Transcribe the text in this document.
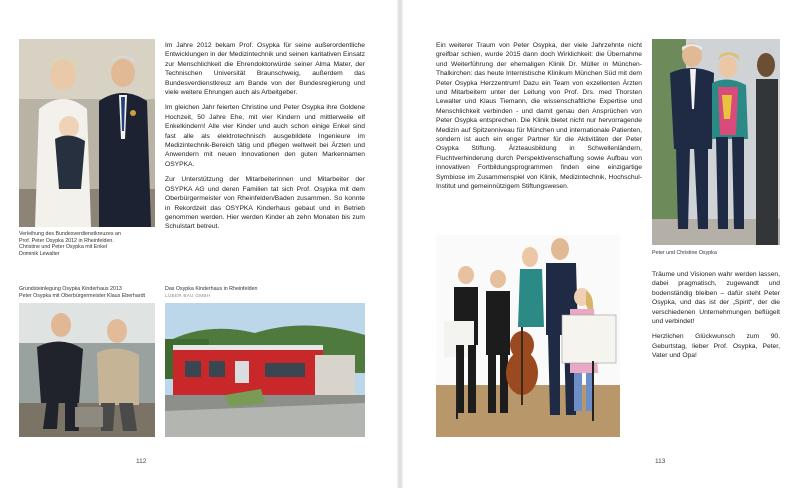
Verleihung des Bundesverdienstkreuzes an
Prof. Peter Osypka 2012 in Rheinfelden.
Christine und Peter Osypka mit Enkel
Dominik Lewalter

Im Jahre 2012 bekam Prof. Osypka für seine außerordentliche Entwicklungen in der Medizintechnik und seinen karitativen Einsatz zur Menschlichkeit die Ehrendoktorwürde seiner Alma Mater, der Technischen Universität Braunschweig, außerdem das Bundesverdienstkreuz am Bande von der Bundesregierung und viele weitere Ehrungen auch als Arbeitgeber.

Im gleichen Jahr feierten Christine und Peter Osypka ihre Goldene Hochzeit, 50 Jahre Ehe, mit vier Kindern und mittlerweile elf Enkelkindern! Alle vier Kinder und auch schon einige Enkel sind fast alle als elektrotechnisch ausgebildete Ingenieure im Medizintechnik-Bereich tätig und pflegen weltweit bei Ärzten und Anwendern mit neuen Innovationen den guten Markennamen OSYPKA.

Zur Unterstützung der Mitarbeiterinnen und Mitarbeiter der OSYPKA AG und deren Familien tat sich Prof. Osypka mit dem Oberbürgermeister von Rheinfelden/Baden zusammen. So konnte in Rekordzeit das OSYPKA Kinderhaus gebaut und in Betrieb genommen werden. Hier werden Kinder ab zehn Monaten bis zum Schulstart betreut.

Grundsteinlegung Osypka Kinderhaus 2013
Peter Osypka mit Oberbürgermeister Klaus Eberhardt
Das Osypka Kinderhaus in Rheinfelden
LÜBER BAU GMBH
112

Ein weiterer Traum von Peter Osypka, der viele Jahrzehnte nicht greifbar schien, wurde 2015 dann doch Wirklichkeit: die Übernahme und Weiterführung der ehemaligen Klinik Dr. Müller in München-Thalkirchen: das heute Internistische Klinikum München Süd mit dem Peter Osypka Herzzentrum! Dazu ein Team von exzellenten Ärzten und Mitarbeitern unter der Leitung von Prof. Drs. med Thorsten Lewalter und Klaus Tiemann, die wissenschaftliche Expertise und Menschlichkeit verbinden - und damit genau den Ansprüchen von Peter Osypka entsprechen. Die Klinik bietet nicht nur hervorragende Medizin auf Spitzenniveau für München und internationale Patienten, sondern ist auch ein enger Partner für die Aktivitäten der Peter Osypka Stiftung. Ärzteausbildung in Schwellenländern, Fluchtverhinderung durch Perspektivenschaffung sowie Aufbau von innovativen Fortbildungsprogrammen finden eine einzigartige Symbiose im Zusammenspiel von Klinik, Medizintechnik, Hochschul-Institut und gemeinnützigem Stiftungswesen.

Peter und Christine Osypka

Träume und Visionen wahr werden lassen, dabei pragmatisch, zugewandt und bodenständig bleiben – dafür steht Peter Osypka, und das ist der „Spirit“, der die verschiedenen Unternehmungen beflügelt und verbindet!

Herzlichen Glückwunsch zum 90. Geburtstag, lieber Prof. Osypka, Peter, Vater und Opa!

113
